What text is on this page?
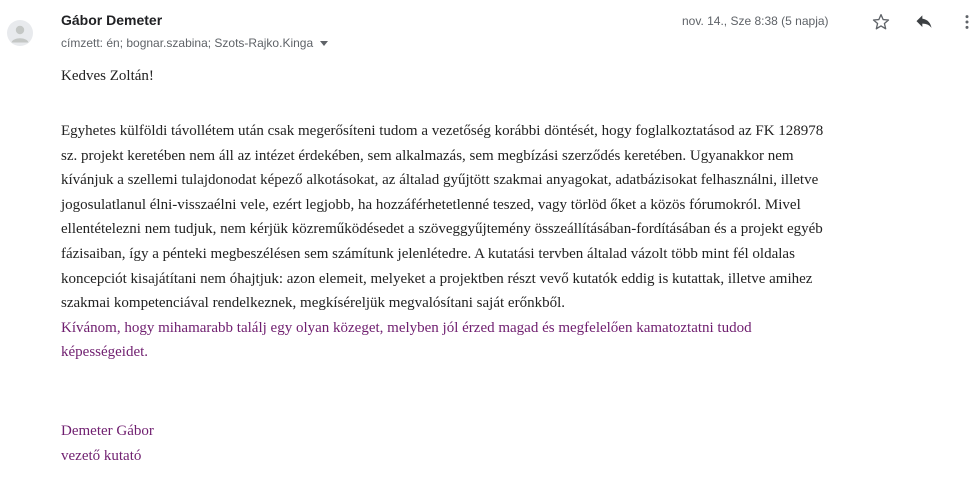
Gábor Demeter
címzett: én; bognar.szabina; Szots-Rajko.Kinga
nov. 14., Sze 8:38 (5 napja)

Kedves Zoltán!

Egyhetes külföldi távollétem után csak megerősíteni tudom a vezetőség korábbi döntését, hogy foglalkoztatásod az FK 128978
sz. projekt keretében nem áll az intézet érdekében, sem alkalmazás, sem megbízási szerződés keretében. Ugyanakkor nem
kívánjuk a szellemi tulajdonodat képező alkotásokat, az általad gyűjtött szakmai anyagokat, adatbázisokat felhasználni, illetve
jogosulatlanul élni-visszaélni vele, ezért legjobb, ha hozzáférhetetlenné teszed, vagy törlöd őket a közös fórumokról. Mivel
ellentételezni nem tudjuk, nem kérjük közreműködésedet a szöveggyűjtemény összeállításában-fordításában és a projekt egyéb
fázisaiban, így a pénteki megbeszélésen sem számítunk jelenlétedre. A kutatási tervben általad vázolt több mint fél oldalas
koncepciót kisajátítani nem óhajtjuk: azon elemeit, melyeket a projektben részt vevő kutatók eddig is kutattak, illetve amihez
szakmai kompetenciával rendelkeznek, megkíséreljük megvalósítani saját erőnkből.
Kívánom, hogy mihamarabb találj egy olyan közeget, melyben jól érzed magad és megfelelően kamatoztatni tudod
képességeidet.
Demeter Gábor
vezető kutató
